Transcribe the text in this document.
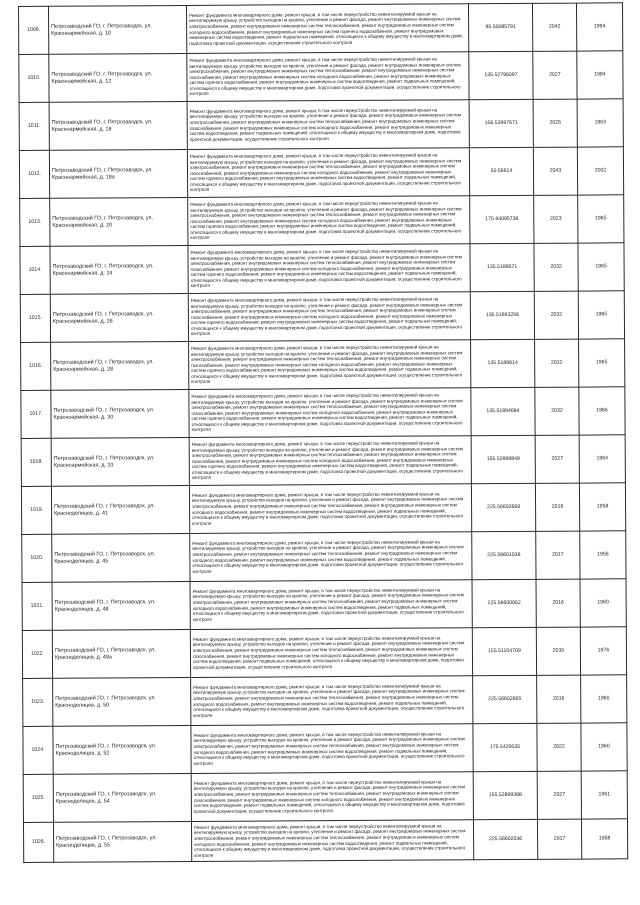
1009.	Петрозаводский ГО, г. Петрозаводск, ул. Красноармейская, д. 10	Ремонт фундамента многоквартирного дома, ремонт крыши, в том числе переустройство невентилируемой крыши на вентилируемую крышу, устройство выходов на кровлю, утепление и ремонт фасада, ремонт внутридомовых инженерных систем электроснабжения, ремонт внутридомовых инженерных систем теплоснабжения, ремонт внутридомовых инженерных систем холодного водоснабжения, ремонт внутридомовых инженерных систем горячего водоснабжения, ремонт внутридомовых инженерных систем водоотведения, ремонт подвальных помещений, относящихся к общему имуществу в многоквартирном доме, подготовка проектной документации, осуществление строительного контроля	95.50085791	2042	1994
1010.	Петрозаводский ГО, г. Петрозаводск, ул. Красноармейская, д. 12	Ремонт фундамента многоквартирного дома, ремонт крыши, в том числе переустройство невентилируемой крыши на вентилируемую крышу, устройство выходов на кровлю, утепление и ремонт фасада, ремонт внутридомовых инженерных систем электроснабжения, ремонт внутридомовых инженерных систем теплоснабжения, ремонт внутридомовых инженерных систем газоснабжения, ремонт внутридомовых инженерных систем холодного водоснабжения, ремонт внутридомовых инженерных систем горячего водоснабжения, ремонт внутридомовых инженерных систем водоотведения, ремонт подвальных помещений, относящихся к общему имуществу в многоквартирном доме, подготовка проектной документации, осуществление строительного контроля	135.52796097	2027	1984
1011.	Петрозаводский ГО, г. Петрозаводск, ул. Красноармейская, д. 18	Ремонт фундамента многоквартирного дома, ремонт крыши, в том числе переустройство невентилируемой крыши на вентилируемую крышу, устройство выходов на кровлю, утепление и ремонт фасада, ремонт внутридомовых инженерных систем электроснабжения, ремонт внутридомовых инженерных систем теплоснабжения, ремонт внутридомовых инженерных систем газоснабжения, ремонт внутридомовых инженерных систем холодного водоснабжения, ремонт внутридомовых инженерных систем водоотведения, ремонт подвальных помещений, относящихся к общему имуществу в многоквартирном доме, подготовка проектной документации, осуществление строительного контроля	156.53997671	2025	1963
1012.	Петрозаводский ГО, г. Петрозаводск, ул. Красноармейская, д. 18а	Ремонт фундамента многоквартирного дома, ремонт крыши, в том числе переустройство невентилируемой крыши на вентилируемую крышу, устройство выходов на кровлю, утепление и ремонт фасада, ремонт внутридомовых инженерных систем электроснабжения, ремонт внутридомовых инженерных систем теплоснабжения, ремонт внутридомовых инженерных систем газоснабжения, ремонт внутридомовых инженерных систем холодного водоснабжения, ремонт внутридомовых инженерных систем горячего водоснабжения, ремонт внутридомовых инженерных систем водоотведения, ремонт подвальных помещений, относящихся к общему имуществу в многоквартирном доме, подготовка проектной документации, осуществление строительного контроля	50.56614	2043	2002
1013.	Петрозаводский ГО, г. Петрозаводск, ул. Красноармейская, д. 20	Ремонт фундамента многоквартирного дома, ремонт крыши, в том числе переустройство невентилируемой крыши на вентилируемую крышу, устройство выходов на кровлю, утепление и ремонт фасада, ремонт внутридомовых инженерных систем электроснабжения, ремонт внутридомовых инженерных систем теплоснабжения, ремонт внутридомовых инженерных систем газоснабжения, ремонт внутридомовых инженерных систем холодного водоснабжения, ремонт внутридомовых инженерных систем горячего водоснабжения, ремонт внутридомовых инженерных систем водоотведения, ремонт подвальных помещений, относящихся к общему имуществу в многоквартирном доме, подготовка проектной документации, осуществление строительного контроля	175.94095736	2023	1965
1014.	Петрозаводский ГО, г. Петрозаводск, ул. Красноармейская, д. 24	Ремонт фундамента многоквартирного дома, ремонт крыши, в том числе переустройство невентилируемой крыши на вентилируемую крышу, устройство выходов на кровлю, утепление и ремонт фасада, ремонт внутридомовых инженерных систем электроснабжения, ремонт внутридомовых инженерных систем теплоснабжения, ремонт внутридомовых инженерных систем газоснабжения, ремонт внутридомовых инженерных систем холодного водоснабжения, ремонт внутридомовых инженерных систем горячего водоснабжения, ремонт внутридомовых инженерных систем водоотведения, ремонт подвальных помещений, относящихся к общему имуществу в многоквартирном доме, подготовка проектной документации, осуществление строительного контроля	135.5189571	2032	1965
1015.	Петрозаводский ГО, г. Петрозаводск, ул. Красноармейская, д. 26	Ремонт фундамента многоквартирного дома, ремонт крыши, в том числе переустройство невентилируемой крыши на вентилируемую крышу, устройство выходов на кровлю, утепление и ремонт фасада, ремонт внутридомовых инженерных систем электроснабжения, ремонт внутридомовых инженерных систем теплоснабжения, ремонт внутридомовых инженерных систем газоснабжения, ремонт внутридомовых инженерных систем холодного водоснабжения, ремонт внутридомовых инженерных систем горячего водоснабжения, ремонт внутридомовых инженерных систем водоотведения, ремонт подвальных помещений, относящихся к общему имуществу в многоквартирном доме, подготовка проектной документации, осуществление строительного контроля	135.51693256	2032	1965
1016.	Петрозаводский ГО, г. Петрозаводск, ул. Красноармейская, д. 28	Ремонт фундамента многоквартирного дома, ремонт крыши, в том числе переустройство невентилируемой крыши на вентилируемую крышу, устройство выходов на кровлю, утепление и ремонт фасада, ремонт внутридомовых инженерных систем электроснабжения, ремонт внутридомовых инженерных систем теплоснабжения, ремонт внутридомовых инженерных систем газоснабжения, ремонт внутридомовых инженерных систем холодного водоснабжения, ремонт внутридомовых инженерных систем горячего водоснабжения, ремонт внутридомовых инженерных систем водоотведения, ремонт подвальных помещений, относящихся к общему имуществу в многоквартирном доме, подготовка проектной документации, осуществление строительного контроля	135.5189614	2032	1965
1017.	Петрозаводский ГО, г. Петрозаводск, ул. Красноармейская, д. 30	Ремонт фундамента многоквартирного дома, ремонт крыши, в том числе переустройство невентилируемой крыши на вентилируемую крышу, устройство выходов на кровлю, утепление и ремонт фасада, ремонт внутридомовых инженерных систем электроснабжения, ремонт внутридомовых инженерных систем теплоснабжения, ремонт внутридомовых инженерных систем газоснабжения, ремонт внутридомовых инженерных систем холодного водоснабжения, ремонт внутридомовых инженерных систем горячего водоснабжения, ремонт внутридомовых инженерных систем водоотведения, ремонт подвальных помещений, относящихся к общему имуществу в многоквартирном доме, подготовка проектной документации, осуществление строительного контроля	135.51894684	2032	1966
1018.	Петрозаводский ГО, г. Петрозаводск, ул. Красноармейская, д. 33	Ремонт фундамента многоквартирного дома, ремонт крыши, в том числе переустройство невентилируемой крыши на вентилируемую крышу, устройство выходов на кровлю, утепление и ремонт фасада, ремонт внутридомовых инженерных систем электроснабжения, ремонт внутридомовых инженерных систем теплоснабжения, ремонт внутридомовых инженерных систем газоснабжения, ремонт внутридомовых инженерных систем холодного водоснабжения, ремонт внутридомовых инженерных систем горячего водоснабжения, ремонт внутридомовых инженерных систем водоотведения, ремонт подвальных помещений, относящихся к общему имуществу в многоквартирном доме, подготовка проектной документации, осуществление строительного контроля	155.52899849	2027	1964
1019.	Петрозаводский ГО, г. Петрозаводск, ул. Красноделицев, д. 41	Ремонт фундамента многоквартирного дома, ремонт крыши, в том числе переустройство невентилируемой крыши на вентилируемую крышу, устройство выходов на кровлю, утепление и ремонт фасада, ремонт внутридомовых инженерных систем электроснабжения, ремонт внутридомовых инженерных систем теплоснабжения, ремонт внутридомовых инженерных систем холодного водоснабжения, ремонт внутридомовых инженерных систем водоотведения, ремонт подвальных помещений, относящихся к общему имуществу в многоквартирном доме, подготовка проектной документации, осуществление строительного контроля	225.56602669	2016	1958
1020.	Петрозаводский ГО, г. Петрозаводск, ул. Красноделицев, д. 45	Ремонт фундамента многоквартирного дома, ремонт крыши, в том числе переустройство невентилируемой крыши на вентилируемую крышу, устройство выходов на кровлю, утепление и ремонт фасада, ремонт внутридомовых инженерных систем электроснабжения, ремонт внутридомовых инженерных систем теплоснабжения, ремонт внутридомовых инженерных систем холодного водоснабжения, ремонт внутридомовых инженерных систем водоотведения, ремонт подвальных помещений, относящихся к общему имуществу в многоквартирном доме, подготовка проектной документации, осуществление строительного контроля	225.56601036	2017	1956
1021.	Петрозаводский ГО, г. Петрозаводск, ул. Красноделицев, д. 48	Ремонт фундамента многоквартирного дома, ремонт крыши, в том числе переустройство невентилируемой крыши на вентилируемую крышу, устройство выходов на кровлю, утепление и ремонт фасада, ремонт внутридомовых инженерных систем электроснабжения, ремонт внутридомовых инженерных систем теплоснабжения, ремонт внутридомовых инженерных систем холодного водоснабжения, ремонт внутридомовых инженерных систем водоотведения, ремонт подвальных помещений, относящихся к общему имуществу в многоквартирном доме, подготовка проектной документации, осуществление строительного контроля	225.56600062	2016	1960
1022.	Петрозаводский ГО, г. Петрозаводск, ул. Красноделицев, д. 49а	Ремонт фундамента многоквартирного дома, ремонт крыши, в том числе переустройство невентилируемой крыши на вентилируемую крышу, устройство выходов на кровлю, утепление и ремонт фасада, ремонт внутридомовых инженерных систем электроснабжения, ремонт внутридомовых инженерных систем теплоснабжения, ремонт внутридомовых инженерных систем газоснабжения, ремонт внутридомовых инженерных систем холодного водоснабжения, ремонт внутридомовых инженерных систем водоотведения, ремонт подвальных помещений, относящихся к общему имуществу в многоквартирном доме, подготовка проектной документации, осуществление строительного контроля	155.51104709	2035	1976
1023.	Петрозаводский ГО, г. Петрозаводск, ул. Красноделицев, д. 50	Ремонт фундамента многоквартирного дома, ремонт крыши, в том числе переустройство невентилируемой крыши на вентилируемую крышу, устройство выходов на кровлю, утепление и ремонт фасада, ремонт внутридомовых инженерных систем электроснабжения, ремонт внутридомовых инженерных систем теплоснабжения, ремонт внутридомовых инженерных систем холодного водоснабжения, ремонт внутридомовых инженерных систем водоотведения, ремонт подвальных помещений, относящихся к общему имуществу в многоквартирном доме, подготовка проектной документации, осуществление строительного контроля	225.56602665	2016	1960
1024.	Петрозаводский ГО, г. Петрозаводск, ул. Красноделицев, д. 52	Ремонт фундамента многоквартирного дома, ремонт крыши, в том числе переустройство невентилируемой крыши на вентилируемую крышу, устройство выходов на кровлю, утепление и ремонт фасада, ремонт внутридомовых инженерных систем электроснабжения, ремонт внутридомовых инженерных систем теплоснабжения, ремонт внутридомовых инженерных систем холодного водоснабжения, ремонт внутридомовых инженерных систем водоотведения, ремонт подвальных помещений, относящихся к общему имуществу в многоквартирном доме, подготовка проектной документации, осуществление строительного контроля	175.5420035	2022	1960
1025.	Петрозаводский ГО, г. Петрозаводск, ул. Красноделицев, д. 54	Ремонт фундамента многоквартирного дома, ремонт крыши, в том числе переустройство невентилируемой крыши на вентилируемую крышу, устройство выходов на кровлю, утепление и ремонт фасада, ремонт внутридомовых инженерных систем электроснабжения, ремонт внутридомовых инженерных систем теплоснабжения, ремонт внутридомовых инженерных систем газоснабжения, ремонт внутридомовых инженерных систем холодного водоснабжения, ремонт внутридомовых инженерных систем водоотведения, ремонт подвальных помещений, относящихся к общему имуществу в многоквартирном доме, подготовка проектной документации, осуществление строительного контроля	155.52899388	2027	1961
1026.	Петрозаводский ГО, г. Петрозаводск, ул. Красноделицев, д. 55	Ремонт фундамента многоквартирного дома, ремонт крыши, в том числе переустройство невентилируемой крыши на вентилируемую крышу, устройство выходов на кровлю, утепление и ремонт фасада, ремонт внутридомовых инженерных систем электроснабжения, ремонт внутридомовых инженерных систем теплоснабжения, ремонт внутридомовых инженерных систем холодного водоснабжения, ремонт внутридомовых инженерных систем водоотведения, ремонт подвальных помещений, относящихся к общему имуществу в многоквартирном доме, подготовка проектной документации, осуществление строительного контроля	225.56602036	2017	1958
